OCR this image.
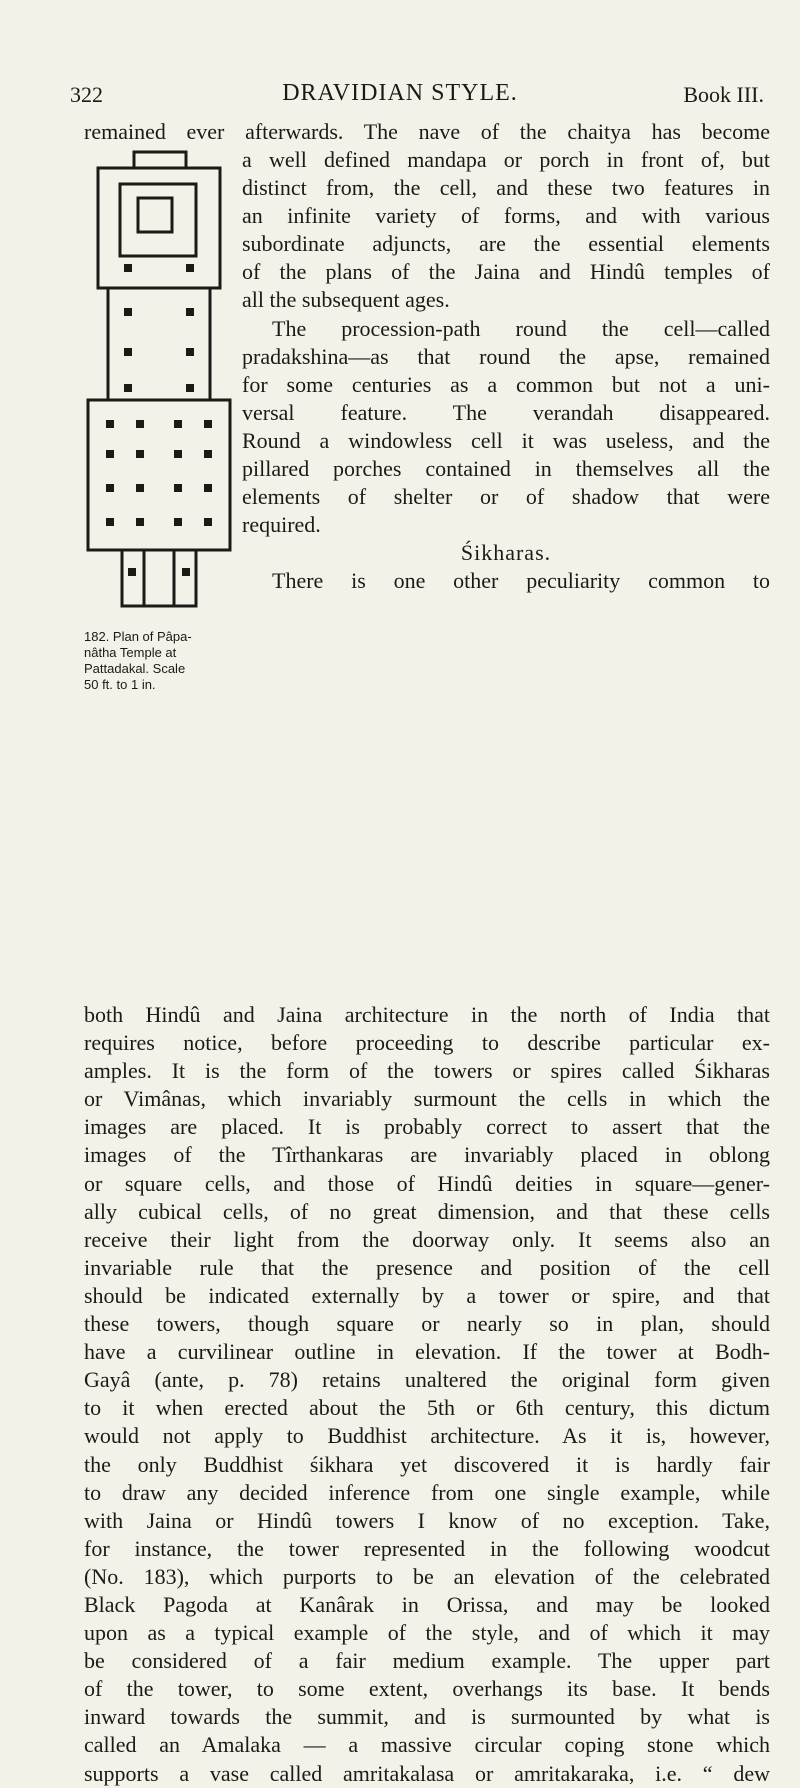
322	DRAVIDIAN STYLE.	Book III.
remained ever afterwards. The nave of the chaitya has become
a well defined mandapa or porch in front of, but
distinct from, the cell, and these two features in
an infinite variety of forms, and with various
subordinate adjuncts, are the essential elements
of the plans of the Jaina and Hindû temples of
all the subsequent ages.
The procession-path round the cell—called
pradakshina—as that round the apse, remained
for some centuries as a common but not a uni-
versal feature. The verandah disappeared.
Round a windowless cell it was useless, and the
pillared porches contained in themselves all the
elements of shelter or of shadow that were
required.
Śikharas.
There is one other peculiarity common to
182. Plan of Pâpa-
nâtha Temple at
Pattadakal. Scale
50 ft. to 1 in.
both Hindû and Jaina architecture in the north of India that
requires notice, before proceeding to describe particular ex-
amples. It is the form of the towers or spires called Śikharas
or Vimânas, which invariably surmount the cells in which the
images are placed. It is probably correct to assert that the
images of the Tîrthankaras are invariably placed in oblong
or square cells, and those of Hindû deities in square—gener-
ally cubical cells, of no great dimension, and that these cells
receive their light from the doorway only. It seems also an
invariable rule that the presence and position of the cell
should be indicated externally by a tower or spire, and that
these towers, though square or nearly so in plan, should
have a curvilinear outline in elevation. If the tower at Bodh-
Gayâ (ante, p. 78) retains unaltered the original form given
to it when erected about the 5th or 6th century, this dictum
would not apply to Buddhist architecture. As it is, however,
the only Buddhist śikhara yet discovered it is hardly fair
to draw any decided inference from one single example, while
with Jaina or Hindû towers I know of no exception. Take,
for instance, the tower represented in the following woodcut
(No. 183), which purports to be an elevation of the celebrated
Black Pagoda at Kanârak in Orissa, and may be looked
upon as a typical example of the style, and of which it may
be considered of a fair medium example. The upper part
of the tower, to some extent, overhangs its base. It bends
inward towards the summit, and is surmounted by what is
called an Amalaka — a massive circular coping stone which
supports a vase called amritakalasa or amritakaraka, i.e. “ dew
